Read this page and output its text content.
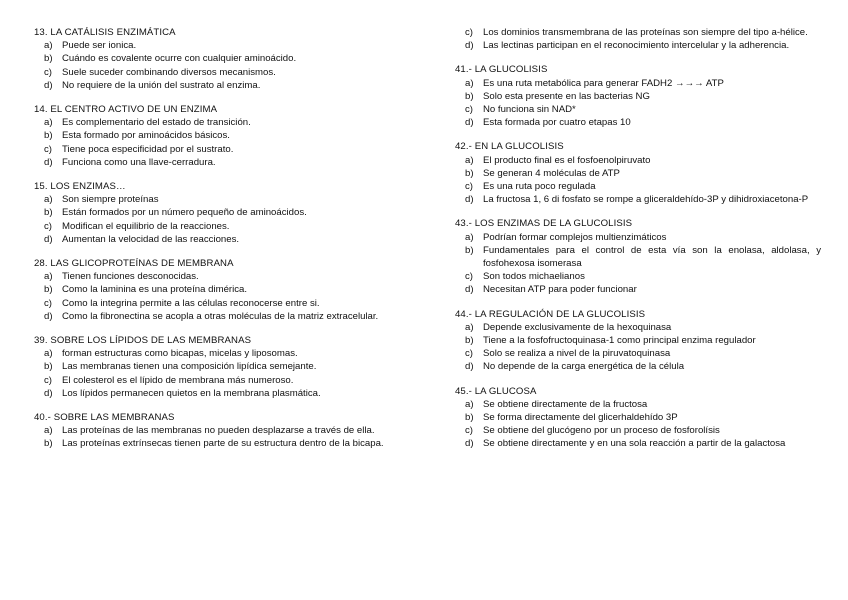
13. LA CATÁLISIS ENZIMÁTICA
a) Puede ser ionica.
b) Cuándo es covalente ocurre con cualquier aminoácido.
c)	Suele suceder combinando diversos mecanismos.
d) No requiere de la unión del sustrato al enzima.
14. EL CENTRO ACTIVO DE UN ENZIMA
a) Es complementario del estado de transición.
b) Esta formado por aminoácidos básicos.
c)	Tiene poca especificidad por el sustrato.
d) Funciona como una llave-cerradura.
15. LOS ENZIMAS…
a) Son siempre proteínas
b) Están formados por un número pequeño de aminoácidos.
c)	Modifican el equilibrio de la reacciones.
d) Aumentan la velocidad de las reacciones.
28. LAS GLICOPROTEÍNAS DE MEMBRANA
a) Tienen funciones desconocidas.
b) Como la laminina es una proteína dimérica.
c)	Como la integrina permite a las células reconocerse entre si.
d) Como la fibronectina se acopla a otras moléculas de la matriz extracelular.
39. SOBRE LOS LÍPIDOS DE LAS MEMBRANAS
a) forman estructuras como bicapas, micelas y liposomas.
b) Las membranas tienen una composición lipídica semejante.
c)	El colesterol es el lípido de membrana más numeroso.
d) Los lípidos permanecen quietos en la membrana plasmática.
40.- SOBRE LAS MEMBRANAS
a) Las proteínas de las membranas no pueden desplazarse a través de ella.
b) Las proteínas extrínsecas tienen parte de su estructura dentro de la bicapa.
c)	Los dominios transmembrana de las proteínas son siempre del tipo a-hélice.
d) Las lectinas participan en el reconocimiento intercelular y la adherencia.
41.- LA GLUCOLISIS
a) Es una ruta metabólica para generar FADH2 →→→ ATP
b) Solo esta presente en las bacterias NG
c)	No funciona sin NAD*
d) Esta formada por cuatro etapas 10
42.- EN LA GLUCOLISIS
a) El producto final es el fosfoenolpiruvato
b) Se generan 4 moléculas de ATP
c)	Es una ruta poco regulada
d) La fructosa 1, 6 di fosfato se rompe a gliceraldehído-3P y dihidroxiacetona-P
43.- LOS ENZIMAS DE LA GLUCOLISIS
a) Podrían formar complejos multienzimáticos
b) Fundamentales para el control de esta vía son la enolasa, aldolasa, y fosfohexosa isomerasa
c)	Son todos michaelianos
d) Necesitan ATP para poder funcionar
44.- LA REGULACIÓN DE LA GLUCOLISIS
a) Depende exclusivamente de la hexoquinasa
b) Tiene a la fosfofructoquinasa-1 como principal enzima regulador
c)	Solo se realiza a nivel de la piruvatoquinasa
d) No depende de la carga energética de la célula
45.- LA GLUCOSA
a) Se obtiene directamente de la fructosa
b) Se forma directamente del glicerhaldehído 3P
c)	Se obtiene del glucógeno por un proceso de fosforolísis
d) Se obtiene directamente y en una sola reacción a partir de la galactosa
